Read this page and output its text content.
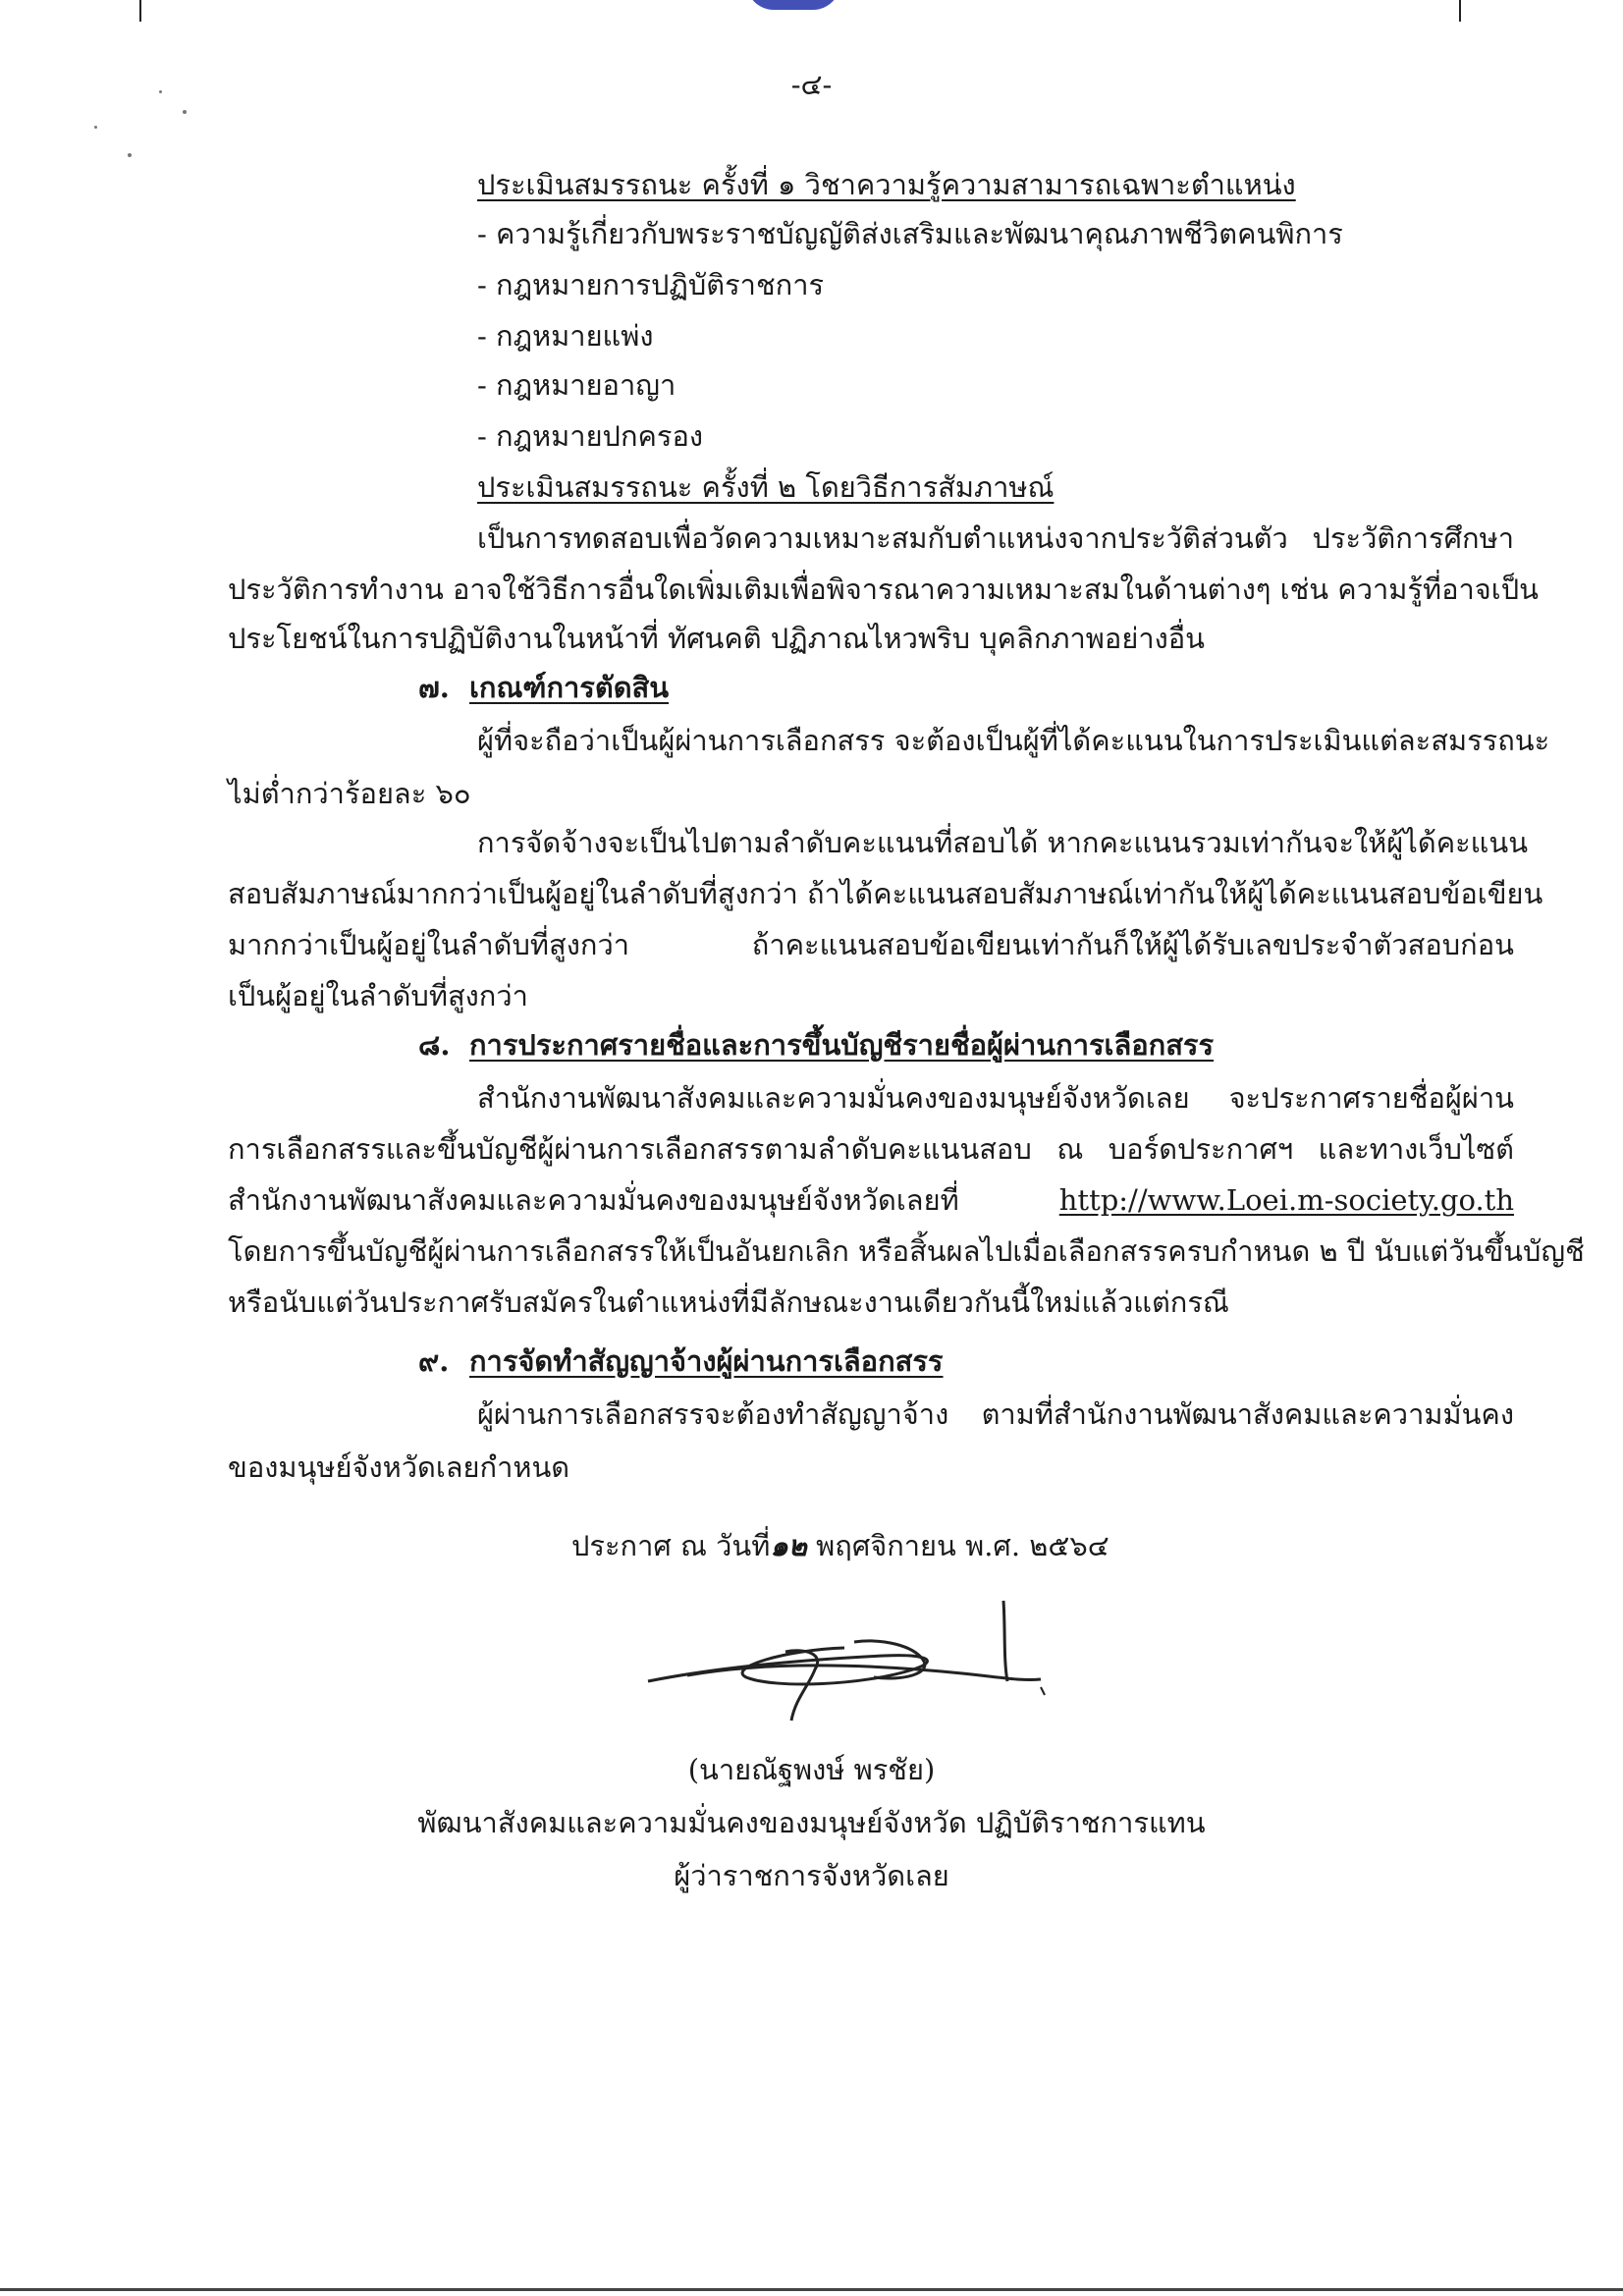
-๔-
ประเมินสมรรถนะ ครั้งที่ ๑ วิชาความรู้ความสามารถเฉพาะตำแหน่ง
- ความรู้เกี่ยวกับพระราชบัญญัติส่งเสริมและพัฒนาคุณภาพชีวิตคนพิการ
- กฎหมายการปฏิบัติราชการ
- กฎหมายแพ่ง
- กฎหมายอาญา
- กฎหมายปกครอง
ประเมินสมรรถนะ ครั้งที่ ๒ โดยวิธีการสัมภาษณ์
เป็นการทดสอบเพื่อวัดความเหมาะสมกับตำแหน่งจากประวัติส่วนตัว ประวัติการศึกษา
ประวัติการทำงาน อาจใช้วิธีการอื่นใดเพิ่มเติมเพื่อพิจารณาความเหมาะสมในด้านต่างๆ เช่น ความรู้ที่อาจเป็น
ประโยชน์ในการปฏิบัติงานในหน้าที่ ทัศนคติ ปฏิภาณไหวพริบ บุคลิกภาพอย่างอื่น
๗. เกณฑ์การตัดสิน
ผู้ที่จะถือว่าเป็นผู้ผ่านการเลือกสรร จะต้องเป็นผู้ที่ได้คะแนนในการประเมินแต่ละสมรรถนะ
ไม่ต่ำกว่าร้อยละ ๖๐
การจัดจ้างจะเป็นไปตามลำดับคะแนนที่สอบได้ หากคะแนนรวมเท่ากันจะให้ผู้ได้คะแนน
สอบสัมภาษณ์มากกว่าเป็นผู้อยู่ในลำดับที่สูงกว่า ถ้าได้คะแนนสอบสัมภาษณ์เท่ากันให้ผู้ได้คะแนนสอบข้อเขียน
มากกว่าเป็นผู้อยู่ในลำดับที่สูงกว่า ถ้าคะแนนสอบข้อเขียนเท่ากันก็ให้ผู้ได้รับเลขประจำตัวสอบก่อน
เป็นผู้อยู่ในลำดับที่สูงกว่า
๘. การประกาศรายชื่อและการขึ้นบัญชีรายชื่อผู้ผ่านการเลือกสรร
สำนักงานพัฒนาสังคมและความมั่นคงของมนุษย์จังหวัดเลย จะประกาศรายชื่อผู้ผ่าน
การเลือกสรรและขึ้นบัญชีผู้ผ่านการเลือกสรรตามลำดับคะแนนสอบ ณ บอร์ดประกาศฯ และทางเว็บไซต์
สำนักงานพัฒนาสังคมและความมั่นคงของมนุษย์จังหวัดเลยที่	http://www.Loei.m-society.go.th
โดยการขึ้นบัญชีผู้ผ่านการเลือกสรรให้เป็นอันยกเลิก หรือสิ้นผลไปเมื่อเลือกสรรครบกำหนด ๒ ปี นับแต่วันขึ้นบัญชี
หรือนับแต่วันประกาศรับสมัครในตำแหน่งที่มีลักษณะงานเดียวกันนี้ใหม่แล้วแต่กรณี
๙. การจัดทำสัญญาจ้างผู้ผ่านการเลือกสรร
ผู้ผ่านการเลือกสรรจะต้องทำสัญญาจ้าง ตามที่สำนักงานพัฒนาสังคมและความมั่นคง
ของมนุษย์จังหวัดเลยกำหนด
ประกาศ ณ วันที่๑๒ พฤศจิกายน พ.ศ. ๒๕๖๔
(นายณัฐพงษ์ พรชัย)
พัฒนาสังคมและความมั่นคงของมนุษย์จังหวัด ปฏิบัติราชการแทน
ผู้ว่าราชการจังหวัดเลย
